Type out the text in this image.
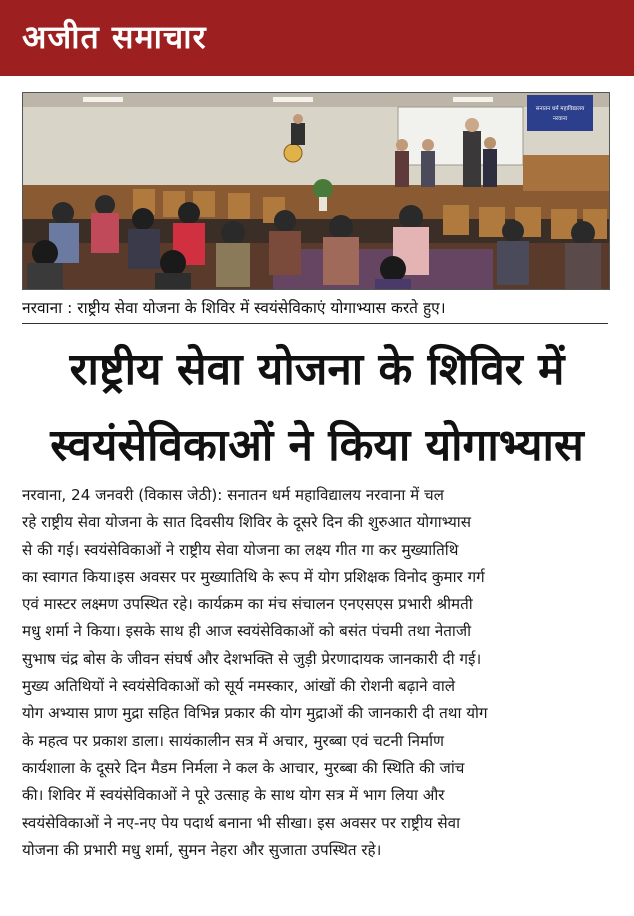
अजीत समाचार
सनातन धर्म महाविद्यालय
नरवाना
नरवाना : राष्ट्रीय सेवा योजना के शिविर में स्वयंसेविकाएं योगाभ्यास करते हुए।
राष्ट्रीय सेवा योजना के शिविर में
स्वयंसेविकाओं ने किया योगाभ्यास
नरवाना, 24 जनवरी (विकास जेठी): सनातन धर्म महाविद्यालय नरवाना में चल
रहे राष्ट्रीय सेवा योजना के सात दिवसीय शिविर के दूसरे दिन की शुरुआत योगाभ्यास
से की गई। स्वयंसेविकाओं ने राष्ट्रीय सेवा योजना का लक्ष्य गीत गा कर मुख्यातिथि
का स्वागत किया।इस अवसर पर मुख्यातिथि के रूप में योग प्रशिक्षक विनोद कुमार गर्ग
एवं मास्टर लक्ष्मण उपस्थित रहे। कार्यक्रम का मंच संचालन एनएसएस प्रभारी श्रीमती
मधु शर्मा ने किया। इसके साथ ही आज स्वयंसेविकाओं को बसंत पंचमी तथा नेताजी
सुभाष चंद्र बोस के जीवन संघर्ष और देशभक्ति से जुड़ी प्रेरणादायक जानकारी दी गई।
मुख्य अतिथियों ने स्वयंसेविकाओं को सूर्य नमस्कार, आंखों की रोशनी बढ़ाने वाले
योग अभ्यास प्राण मुद्रा सहित विभिन्न प्रकार की योग मुद्राओं की जानकारी दी तथा योग
के महत्व पर प्रकाश डाला। सायंकालीन सत्र में अचार, मुरब्बा एवं चटनी निर्माण
कार्यशाला के दूसरे दिन मैडम निर्मला ने कल के आचार, मुरब्बा की स्थिति की जांच
की। शिविर में स्वयंसेविकाओं ने पूरे उत्साह के साथ योग सत्र में भाग लिया और
स्वयंसेविकाओं ने नए-नए पेय पदार्थ बनाना भी सीखा। इस अवसर पर राष्ट्रीय सेवा
योजना की प्रभारी मधु शर्मा, सुमन नेहरा और सुजाता उपस्थित रहे।
